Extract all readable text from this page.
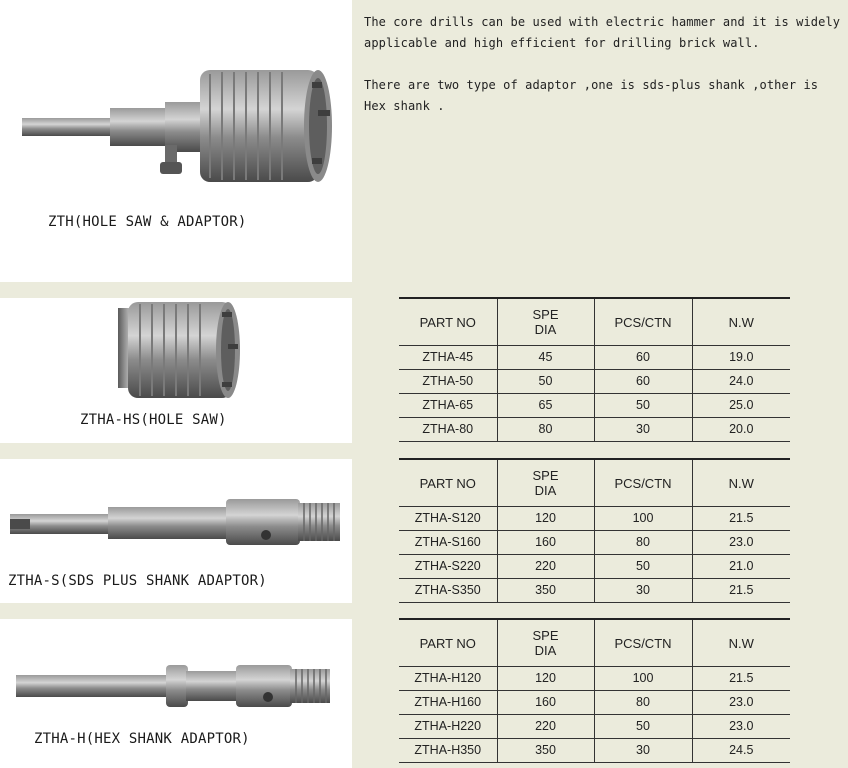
ZTH(HOLE SAW & ADAPTOR)
ZTHA-HS(HOLE SAW)
ZTHA-S(SDS PLUS SHANK ADAPTOR)
ZTHA-H(HEX SHANK ADAPTOR)

The core drills can be used with electric hammer and it is widely applicable and high efficient for drilling brick wall.

There are two type of adaptor ,one is sds-plus shank ,other is Hex shank .

PART NO	SPE DIA	PCS/CTN	N.W
ZTHA-45	45	60	19.0
ZTHA-50	50	60	24.0
ZTHA-65	65	50	25.0
ZTHA-80	80	30	20.0
PART NO	SPE DIA	PCS/CTN	N.W
ZTHA-S120	120	100	21.5
ZTHA-S160	160	80	23.0
ZTHA-S220	220	50	21.0
ZTHA-S350	350	30	21.5
PART NO	SPE DIA	PCS/CTN	N.W
ZTHA-H120	120	100	21.5
ZTHA-H160	160	80	23.0
ZTHA-H220	220	50	23.0
ZTHA-H350	350	30	24.5
